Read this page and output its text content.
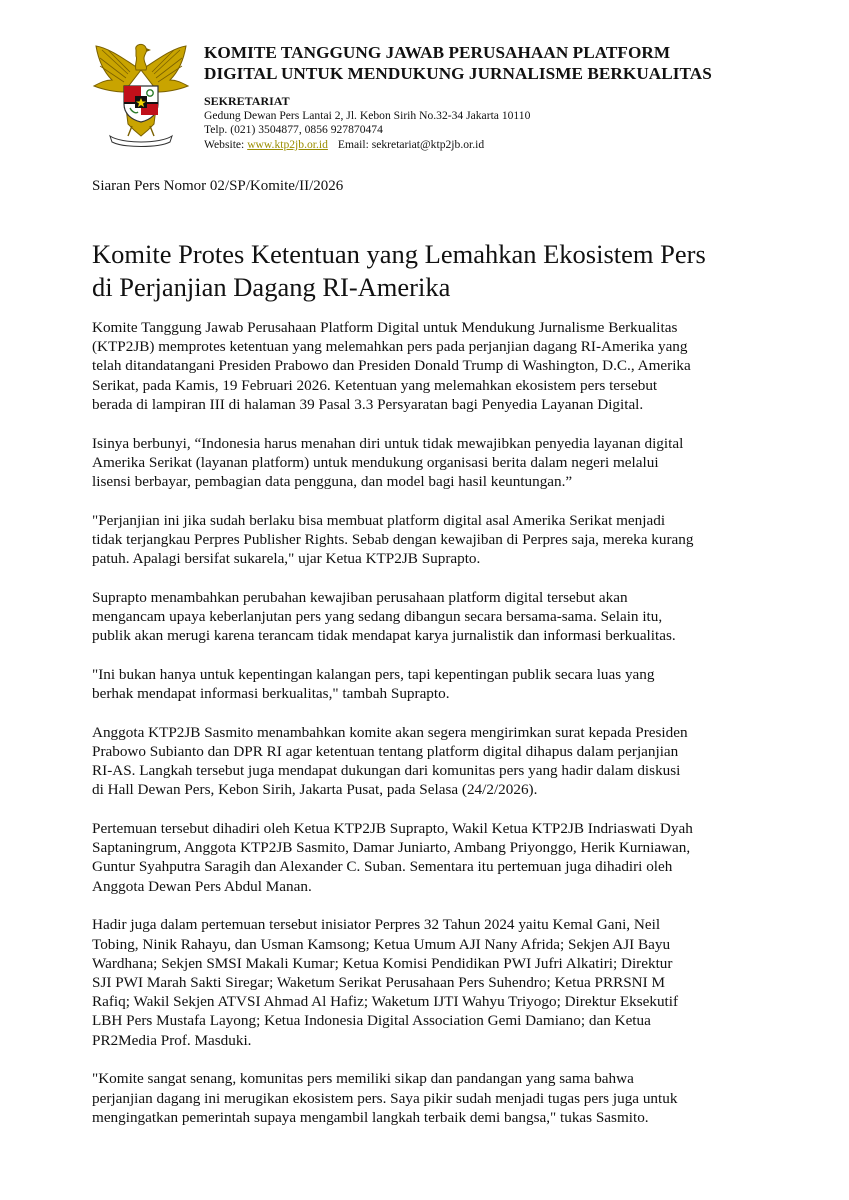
KOMITE TANGGUNG JAWAB PERUSAHAAN PLATFORM
DIGITAL UNTUK MENDUKUNG JURNALISME BERKUALITAS
SEKRETARIAT
Gedung Dewan Pers Lantai 2, Jl. Kebon Sirih No.32-34 Jakarta 10110
Telp. (021) 3504877, 0856 927870474
Website: www.ktp2jb.or.id Email: sekretariat@ktp2jb.or.id
Siaran Pers Nomor 02/SP/Komite/II/2026
Komite Protes Ketentuan yang Lemahkan Ekosistem Pers
di Perjanjian Dagang RI-Amerika

Komite Tanggung Jawab Perusahaan Platform Digital untuk Mendukung Jurnalisme Berkualitas
(KTP2JB) memprotes ketentuan yang melemahkan pers pada perjanjian dagang RI-Amerika yang
telah ditandatangani Presiden Prabowo dan Presiden Donald Trump di Washington, D.C., Amerika
Serikat, pada Kamis, 19 Februari 2026. Ketentuan yang melemahkan ekosistem pers tersebut
berada di lampiran III di halaman 39 Pasal 3.3 Persyaratan bagi Penyedia Layanan Digital.

Isinya berbunyi, “Indonesia harus menahan diri untuk tidak mewajibkan penyedia layanan digital
Amerika Serikat (layanan platform) untuk mendukung organisasi berita dalam negeri melalui
lisensi berbayar, pembagian data pengguna, dan model bagi hasil keuntungan.”

"Perjanjian ini jika sudah berlaku bisa membuat platform digital asal Amerika Serikat menjadi
tidak terjangkau Perpres Publisher Rights. Sebab dengan kewajiban di Perpres saja, mereka kurang
patuh. Apalagi bersifat sukarela," ujar Ketua KTP2JB Suprapto.

Suprapto menambahkan perubahan kewajiban perusahaan platform digital tersebut akan
mengancam upaya keberlanjutan pers yang sedang dibangun secara bersama-sama. Selain itu,
publik akan merugi karena terancam tidak mendapat karya jurnalistik dan informasi berkualitas.

"Ini bukan hanya untuk kepentingan kalangan pers, tapi kepentingan publik secara luas yang
berhak mendapat informasi berkualitas," tambah Suprapto.

Anggota KTP2JB Sasmito menambahkan komite akan segera mengirimkan surat kepada Presiden
Prabowo Subianto dan DPR RI agar ketentuan tentang platform digital dihapus dalam perjanjian
RI-AS. Langkah tersebut juga mendapat dukungan dari komunitas pers yang hadir dalam diskusi
di Hall Dewan Pers, Kebon Sirih, Jakarta Pusat, pada Selasa (24/2/2026).

Pertemuan tersebut dihadiri oleh Ketua KTP2JB Suprapto, Wakil Ketua KTP2JB Indriaswati Dyah
Saptaningrum, Anggota KTP2JB Sasmito, Damar Juniarto, Ambang Priyonggo, Herik Kurniawan,
Guntur Syahputra Saragih dan Alexander C. Suban. Sementara itu pertemuan juga dihadiri oleh
Anggota Dewan Pers Abdul Manan.

Hadir juga dalam pertemuan tersebut inisiator Perpres 32 Tahun 2024 yaitu Kemal Gani, Neil
Tobing, Ninik Rahayu, dan Usman Kamsong; Ketua Umum AJI Nany Afrida; Sekjen AJI Bayu
Wardhana; Sekjen SMSI Makali Kumar; Ketua Komisi Pendidikan PWI Jufri Alkatiri; Direktur
SJI PWI Marah Sakti Siregar; Waketum Serikat Perusahaan Pers Suhendro; Ketua PRRSNI M
Rafiq; Wakil Sekjen ATVSI Ahmad Al Hafiz; Waketum IJTI Wahyu Triyogo; Direktur Eksekutif
LBH Pers Mustafa Layong; Ketua Indonesia Digital Association Gemi Damiano; dan Ketua
PR2Media Prof. Masduki.

"Komite sangat senang, komunitas pers memiliki sikap dan pandangan yang sama bahwa
perjanjian dagang ini merugikan ekosistem pers. Saya pikir sudah menjadi tugas pers juga untuk
mengingatkan pemerintah supaya mengambil langkah terbaik demi bangsa," tukas Sasmito.
